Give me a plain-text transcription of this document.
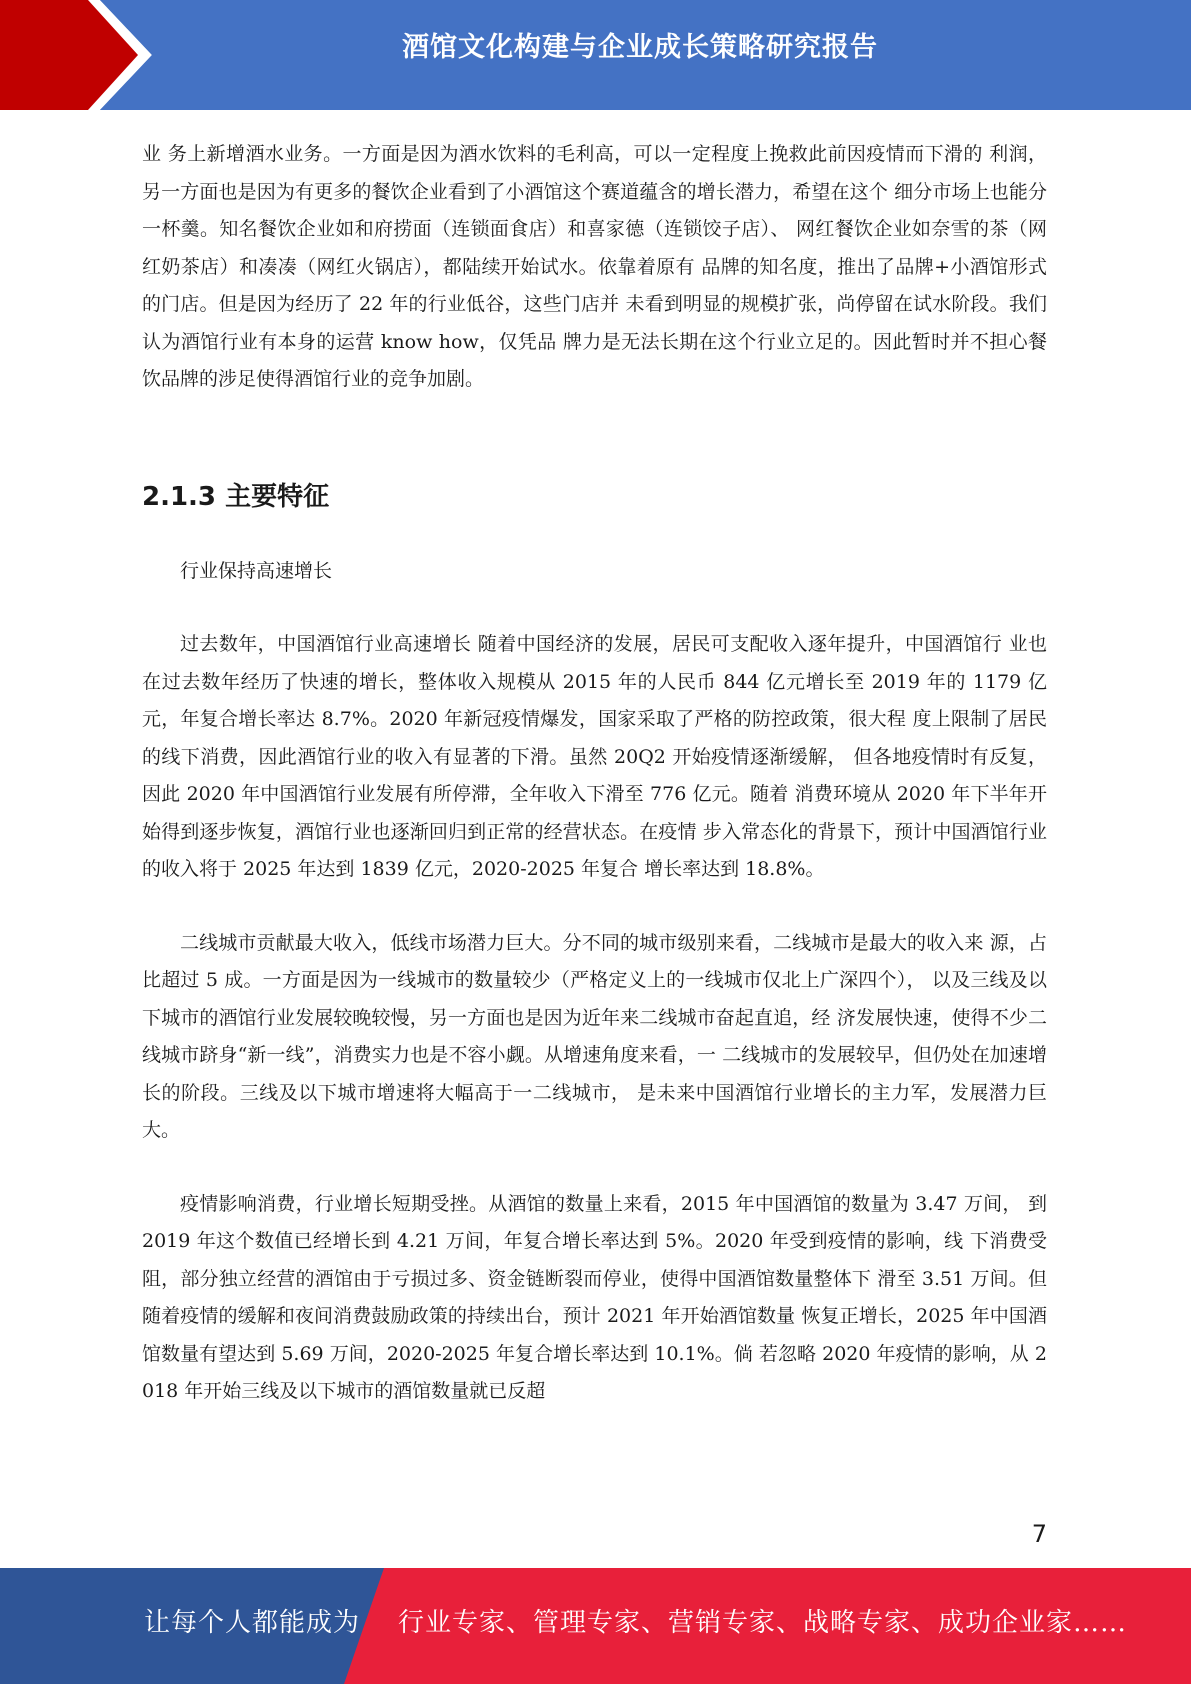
酒馆文化构建与企业成长策略研究报告

业 务上新增酒水业务。一方面是因为酒水饮料的毛利高，可以一定程度上挽救此前因疫情而下滑的 利润，另一方面也是因为有更多的餐饮企业看到了小酒馆这个赛道蕴含的增长潜力，希望在这个 细分市场上也能分一杯羹。知名餐饮企业如和府捞面（连锁面食店）和喜家德（连锁饺子店）、 网红餐饮企业如奈雪的茶（网红奶茶店）和凑凑（网红火锅店），都陆续开始试水。依靠着原有 品牌的知名度，推出了品牌+小酒馆形式的门店。但是因为经历了 22 年的行业低谷，这些门店并 未看到明显的规模扩张，尚停留在试水阶段。我们认为酒馆行业有本身的运营 know how，仅凭品 牌力是无法长期在这个行业立足的。因此暂时并不担心餐饮品牌的涉足使得酒馆行业的竞争加剧。

2.1.3 主要特征

行业保持高速增长

过去数年，中国酒馆行业高速增长 随着中国经济的发展，居民可支配收入逐年提升，中国酒馆行 业也在过去数年经历了快速的增长，整体收入规模从 2015 年的人民币 844 亿元增长至 2019 年的 1179 亿元，年复合增长率达 8.7%。2020 年新冠疫情爆发，国家采取了严格的防控政策，很大程 度上限制了居民的线下消费，因此酒馆行业的收入有显著的下滑。虽然 20Q2 开始疫情逐渐缓解， 但各地疫情时有反复，因此 2020 年中国酒馆行业发展有所停滞，全年收入下滑至 776 亿元。随着 消费环境从 2020 年下半年开始得到逐步恢复，酒馆行业也逐渐回归到正常的经营状态。在疫情 步入常态化的背景下，预计中国酒馆行业的收入将于 2025 年达到 1839 亿元，2020-2025 年复合 增长率达到 18.8%。

二线城市贡献最大收入，低线市场潜力巨大。分不同的城市级别来看，二线城市是最大的收入来 源，占比超过 5 成。一方面是因为一线城市的数量较少（严格定义上的一线城市仅北上广深四个）， 以及三线及以下城市的酒馆行业发展较晚较慢，另一方面也是因为近年来二线城市奋起直追，经 济发展快速，使得不少二线城市跻身“新一线”，消费实力也是不容小觑。从增速角度来看，一 二线城市的发展较早，但仍处在加速增长的阶段。三线及以下城市增速将大幅高于一二线城市， 是未来中国酒馆行业增长的主力军，发展潜力巨大。

疫情影响消费，行业增长短期受挫。从酒馆的数量上来看，2015 年中国酒馆的数量为 3.47 万间， 到 2019 年这个数值已经增长到 4.21 万间，年复合增长率达到 5%。2020 年受到疫情的影响，线 下消费受阻，部分独立经营的酒馆由于亏损过多、资金链断裂而停业，使得中国酒馆数量整体下 滑至 3.51 万间。但随着疫情的缓解和夜间消费鼓励政策的持续出台，预计 2021 年开始酒馆数量 恢复正增长，2025 年中国酒馆数量有望达到 5.69 万间，2020-2025 年复合增长率达到 10.1%。倘 若忽略 2020 年疫情的影响，从 2018 年开始三线及以下城市的酒馆数量就已反超

7
让每个人都能成为 行业专家、管理专家、营销专家、战略专家、成功企业家……
